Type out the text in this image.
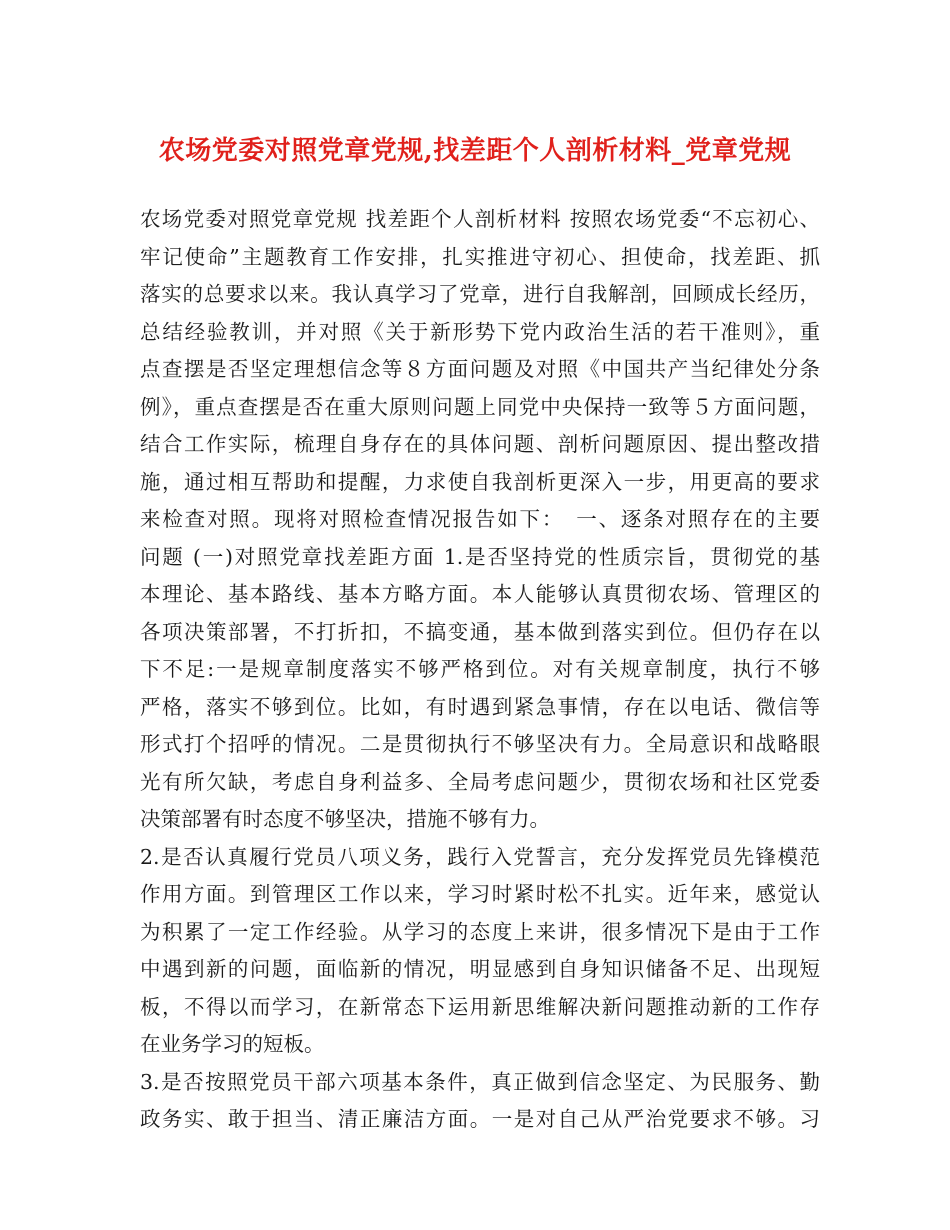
农场党委对照党章党规,找差距个人剖析材料_党章党规
农场党委对照党章党规 找差距个人剖析材料 按照农场党委“不忘初心、
牢记使命”主题教育工作安排，扎实推进守初心、担使命，找差距、抓
落实的总要求以来。我认真学习了党章，进行自我解剖，回顾成长经历，
总结经验教训，并对照《关于新形势下党内政治生活的若干准则》，重
点查摆是否坚定理想信念等８方面问题及对照《中国共产当纪律处分条
例》，重点查摆是否在重大原则问题上同党中央保持一致等５方面问题，
结合工作实际，梳理自身存在的具体问题、剖析问题原因、提出整改措
施，通过相互帮助和提醒，力求使自我剖析更深入一步，用更高的要求
来检查对照。现将对照检查情况报告如下：　一、逐条对照存在的主要
问题 (一)对照党章找差距方面 1.是否坚持党的性质宗旨，贯彻党的基
本理论、基本路线、基本方略方面。本人能够认真贯彻农场、管理区的
各项决策部署，不打折扣，不搞变通，基本做到落实到位。但仍存在以
下不足:一是规章制度落实不够严格到位。对有关规章制度，执行不够
严格，落实不够到位。比如，有时遇到紧急事情，存在以电话、微信等
形式打个招呼的情况。二是贯彻执行不够坚决有力。全局意识和战略眼
光有所欠缺，考虑自身利益多、全局考虑问题少，贯彻农场和社区党委
决策部署有时态度不够坚决，措施不够有力。
2.是否认真履行党员八项义务，践行入党誓言，充分发挥党员先锋模范
作用方面。到管理区工作以来，学习时紧时松不扎实。近年来，感觉认
为积累了一定工作经验。从学习的态度上来讲，很多情况下是由于工作
中遇到新的问题，面临新的情况，明显感到自身知识储备不足、出现短
板，不得以而学习，在新常态下运用新思维解决新问题推动新的工作存
在业务学习的短板。
3.是否按照党员干部六项基本条件，真正做到信念坚定、为民服务、勤
政务实、敢于担当、清正廉洁方面。一是对自己从严治党要求不够。习
